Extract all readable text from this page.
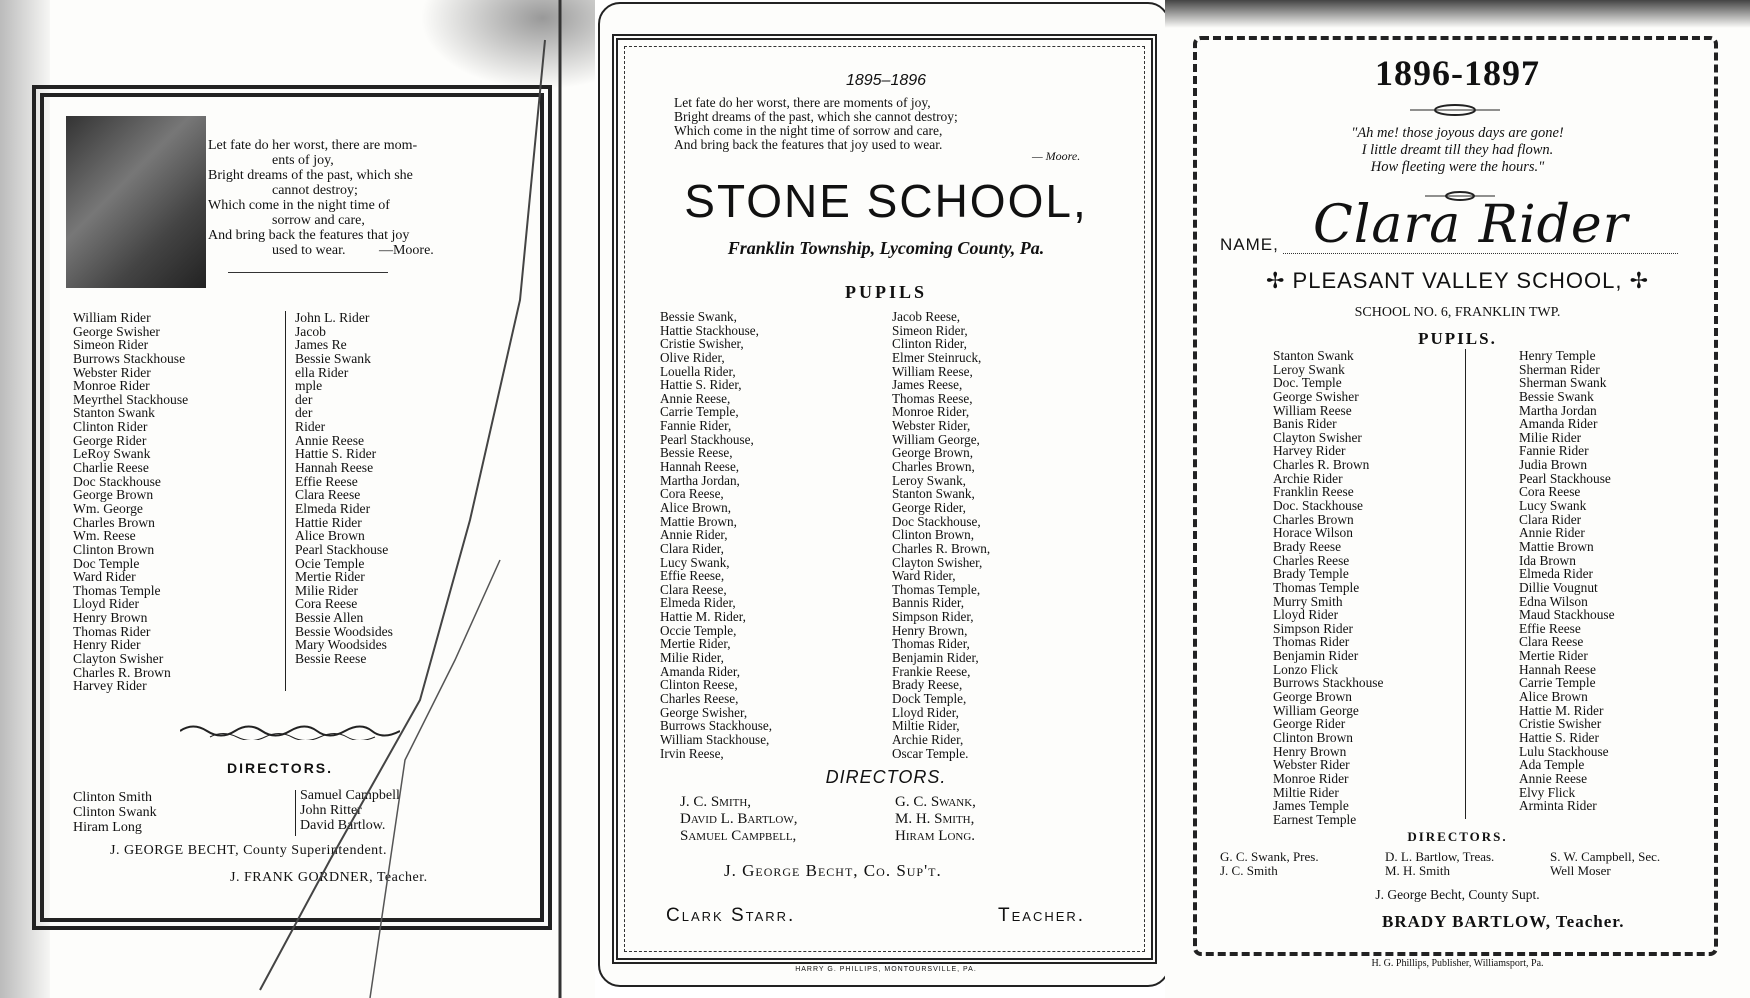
Let fate do her worst, there are mom-
ents of joy,
Bright dreams of the past, which she
cannot destroy;
Which come in the night time of
sorrow and care,
And bring back the features that joy
used to wear. —Moore.
William Rider
George Swisher
Simeon Rider
Burrows Stackhouse
Webster Rider
Monroe Rider
Meyrthel Stackhouse
Stanton Swank
Clinton Rider
George Rider
LeRoy Swank
Charlie Reese
Doc Stackhouse
George Brown
Wm. George
Charles Brown
Wm. Reese
Clinton Brown
Doc Temple
Ward Rider
Thomas Temple
Lloyd Rider
Henry Brown
Thomas Rider
Henry Rider
Clayton Swisher
Charles R. Brown
Harvey Rider
John L. Rider
Jacob
James Re
Bessie Swank
ella Rider
mple
der
der
Rider
Annie Reese
Hattie S. Rider
Hannah Reese
Effie Reese
Clara Reese
Elmeda Rider
Hattie Rider
Alice Brown
Pearl Stackhouse
Ocie Temple
Mertie Rider
Milie Rider
Cora Reese
Bessie Allen
Bessie Woodsides
Mary Woodsides
Bessie Reese
DIRECTORS.
Clinton Smith
Clinton Swank
Hiram Long
Samuel Campbell
John Ritter
David Bartlow.
J. GEORGE BECHT, County Superintendent.
J. FRANK GORDNER, Teacher.
1895–1896
Let fate do her worst, there are moments of joy,
Bright dreams of the past, which she cannot destroy;
Which come in the night time of sorrow and care,
And bring back the features that joy used to wear.
— Moore.
STONE SCHOOL,
Franklin Township, Lycoming County, Pa.
PUPILS
Bessie Swank,
Hattie Stackhouse,
Cristie Swisher,
Olive Rider,
Louella Rider,
Hattie S. Rider,
Annie Reese,
Carrie Temple,
Fannie Rider,
Pearl Stackhouse,
Bessie Reese,
Hannah Reese,
Martha Jordan,
Cora Reese,
Alice Brown,
Mattie Brown,
Annie Rider,
Clara Rider,
Lucy Swank,
Effie Reese,
Clara Reese,
Elmeda Rider,
Hattie M. Rider,
Occie Temple,
Mertie Rider,
Milie Rider,
Amanda Rider,
Clinton Reese,
Charles Reese,
George Swisher,
Burrows Stackhouse,
William Stackhouse,
Irvin Reese,
Jacob Reese,
Simeon Rider,
Clinton Rider,
Elmer Steinruck,
William Reese,
James Reese,
Thomas Reese,
Monroe Rider,
Webster Rider,
William George,
George Brown,
Charles Brown,
Leroy Swank,
Stanton Swank,
George Rider,
Doc Stackhouse,
Clinton Brown,
Charles R. Brown,
Clayton Swisher,
Ward Rider,
Thomas Temple,
Bannis Rider,
Simpson Rider,
Henry Brown,
Thomas Rider,
Benjamin Rider,
Frankie Reese,
Brady Reese,
Dock Temple,
Lloyd Rider,
Miltie Rider,
Archie Rider,
Oscar Temple.
DIRECTORS.
J. C. Smith,	G. C. Swank,
David L. Bartlow,	M. H. Smith,
Samuel Campbell,	Hiram Long.
J. George Becht, Co. Sup't.
Clark Starr.	Teacher.
HARRY G. PHILLIPS, MONTOURSVILLE, PA.
1896-1897
"Ah me! those joyous days are gone!
I little dreamt till they had flown.
How fleeting were the hours."
NAME, Clara Rider
✢ PLEASANT VALLEY SCHOOL, ✢
SCHOOL NO. 6, FRANKLIN TWP.
PUPILS.
Stanton Swank
Leroy Swank
Doc. Temple
George Swisher
William Reese
Banis Rider
Clayton Swisher
Harvey Rider
Charles R. Brown
Archie Rider
Franklin Reese
Doc. Stackhouse
Charles Brown
Horace Wilson
Brady Reese
Charles Reese
Brady Temple
Thomas Temple
Murry Smith
Lloyd Rider
Simpson Rider
Thomas Rider
Benjamin Rider
Lonzo Flick
Burrows Stackhouse
George Brown
William George
George Rider
Clinton Brown
Henry Brown
Webster Rider
Monroe Rider
Miltie Rider
James Temple
Earnest Temple
Henry Temple
Sherman Rider
Sherman Swank
Bessie Swank
Martha Jordan
Amanda Rider
Milie Rider
Fannie Rider
Judia Brown
Pearl Stackhouse
Cora Reese
Lucy Swank
Clara Rider
Annie Rider
Mattie Brown
Ida Brown
Elmeda Rider
Dillie Vougnut
Edna Wilson
Maud Stackhouse
Effie Reese
Clara Reese
Mertie Rider
Hannah Reese
Carrie Temple
Alice Brown
Hattie M. Rider
Cristie Swisher
Hattie S. Rider
Lulu Stackhouse
Ada Temple
Annie Reese
Elvy Flick
Arminta Rider
DIRECTORS.
G. C. Swank, Pres.	D. L. Bartlow, Treas.	S. W. Campbell, Sec.
J. C. Smith	M. H. Smith	Well Moser
J. George Becht, County Supt.
BRADY BARTLOW, Teacher.
H. G. Phillips, Publisher, Williamsport, Pa.
